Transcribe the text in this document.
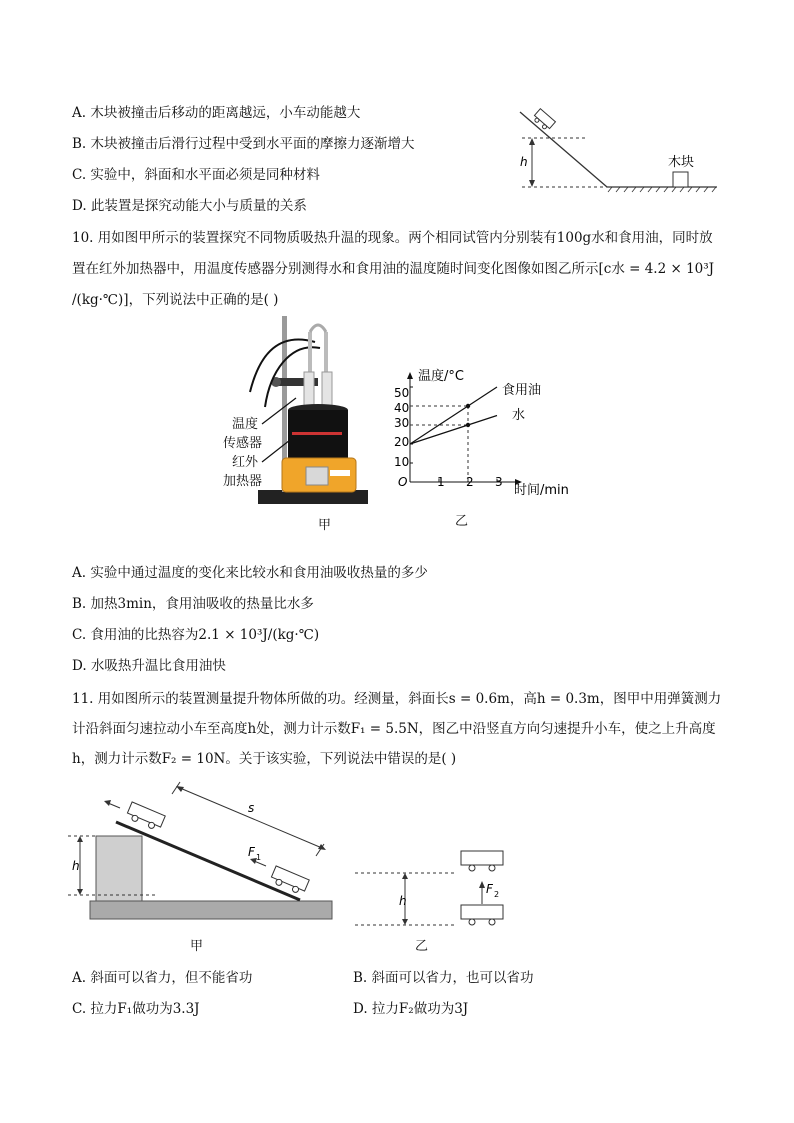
A. 木块被撞击后移动的距离越远，小车动能越大
B. 木块被撞击后滑行过程中受到水平面的摩擦力逐渐增大
C. 实验中，斜面和水平面必须是同种材料
D. 此装置是探究动能大小与质量的关系
h	木块
10. 用如图甲所示的装置探究不同物质吸热升温的现象。两个相同试管内分别装有100g水和食用油，同时放
置在红外加热器中，用温度传感器分别测得水和食用油的温度随时间变化图像如图乙所示[c水 = 4.2 × 10³J
/(kg·℃)]，下列说法中正确的是( )
温度
传感器
红外
加热器
甲
温度/°C
时间/min
O
10
20
30
40
50
1 2 3
食用油
水
乙
A. 实验中通过温度的变化来比较水和食用油吸收热量的多少
B. 加热3min，食用油吸收的热量比水多
C. 食用油的比热容为2.1 × 10³J/(kg·℃)
D. 水吸热升温比食用油快
11. 用如图所示的装置测量提升物体所做的功。经测量，斜面长s = 0.6m，高h = 0.3m，图甲中用弹簧测力
计沿斜面匀速拉动小车至高度h处，测力计示数F₁ = 5.5N，图乙中沿竖直方向匀速提升小车，使之上升高度
h，测力计示数F₂ = 10N。关于该实验，下列说法中错误的是( )
h
F 1
s
甲
h
F 2
乙
A. 斜面可以省力，但不能省功	B. 斜面可以省力，也可以省功
C. 拉力F₁做功为3.3J	D. 拉力F₂做功为3J
